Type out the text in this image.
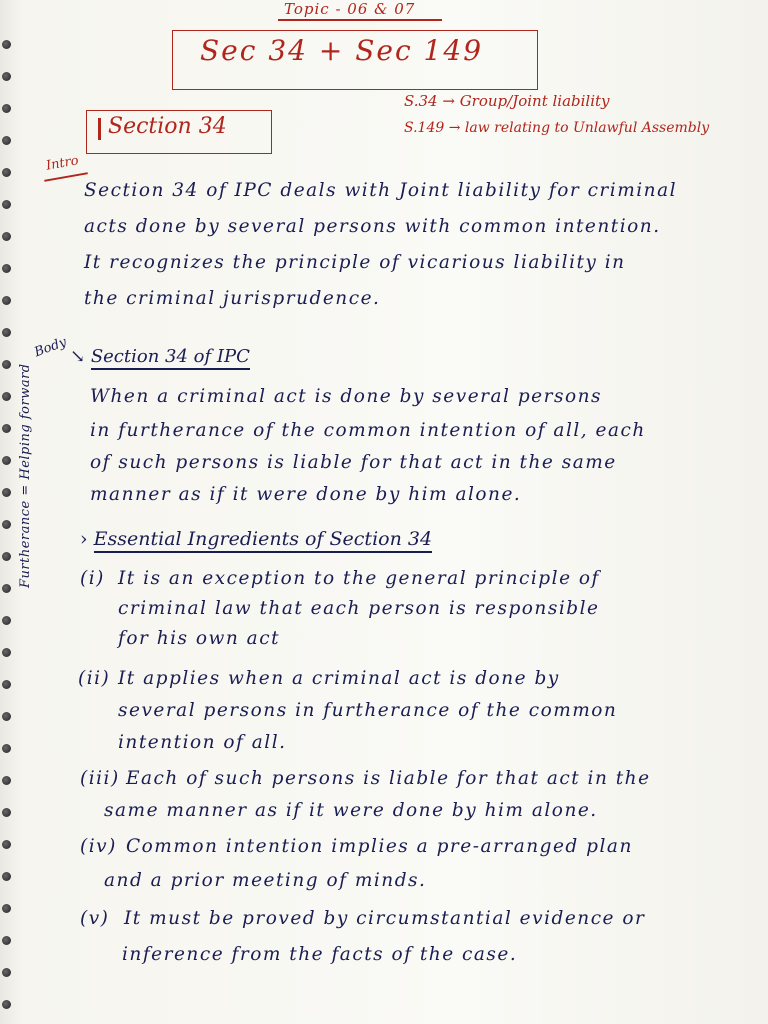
Topic - 06 & 07
Sec 34 + Sec 149
Section 34
S.34 → Group/Joint liability
S.149 → law relating to Unlawful Assembly
Intro
Section 34 of IPC deals with Joint liability for criminal
acts done by several persons with common intention.
It recognizes the principle of vicarious liability in
the criminal jurisprudence.
Body
Furtherance = Helping forward
↘ Section 34 of IPC
When a criminal act is done by several persons
in furtherance of the common intention of all, each
of such persons is liable for that act in the same
manner as if it were done by him alone.
› Essential Ingredients of Section 34
(i) It is an exception to the general principle of
criminal law that each person is responsible
for his own act
(ii) It applies when a criminal act is done by
several persons in furtherance of the common
intention of all.
(iii) Each of such persons is liable for that act in the
same manner as if it were done by him alone.
(iv) Common intention implies a pre-arranged plan
and a prior meeting of minds.
(v) It must be proved by circumstantial evidence or
inference from the facts of the case.
